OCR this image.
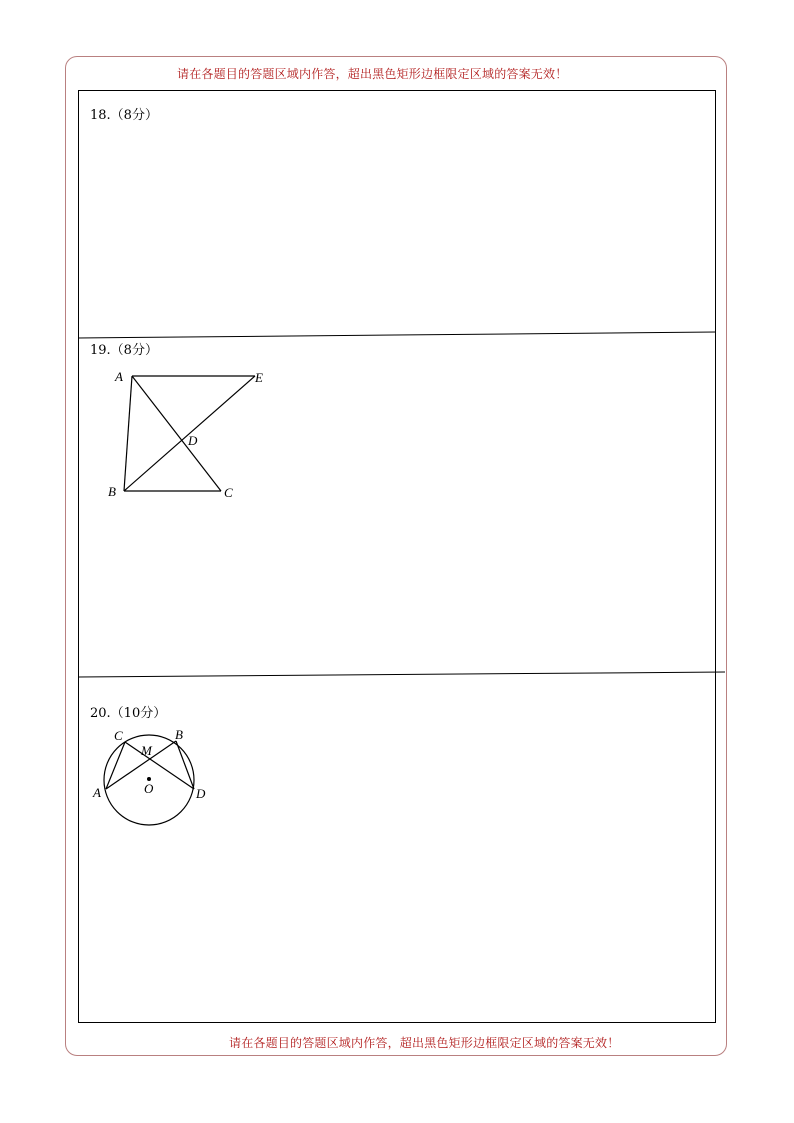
请在各题目的答题区域内作答，超出黑色矩形边框限定区域的答案无效！
18.（8分）
19.（8分）
A	E
D
B	C
20.（10分）
C
M
B
A	O	D
请在各题目的答题区域内作答，超出黑色矩形边框限定区域的答案无效！
